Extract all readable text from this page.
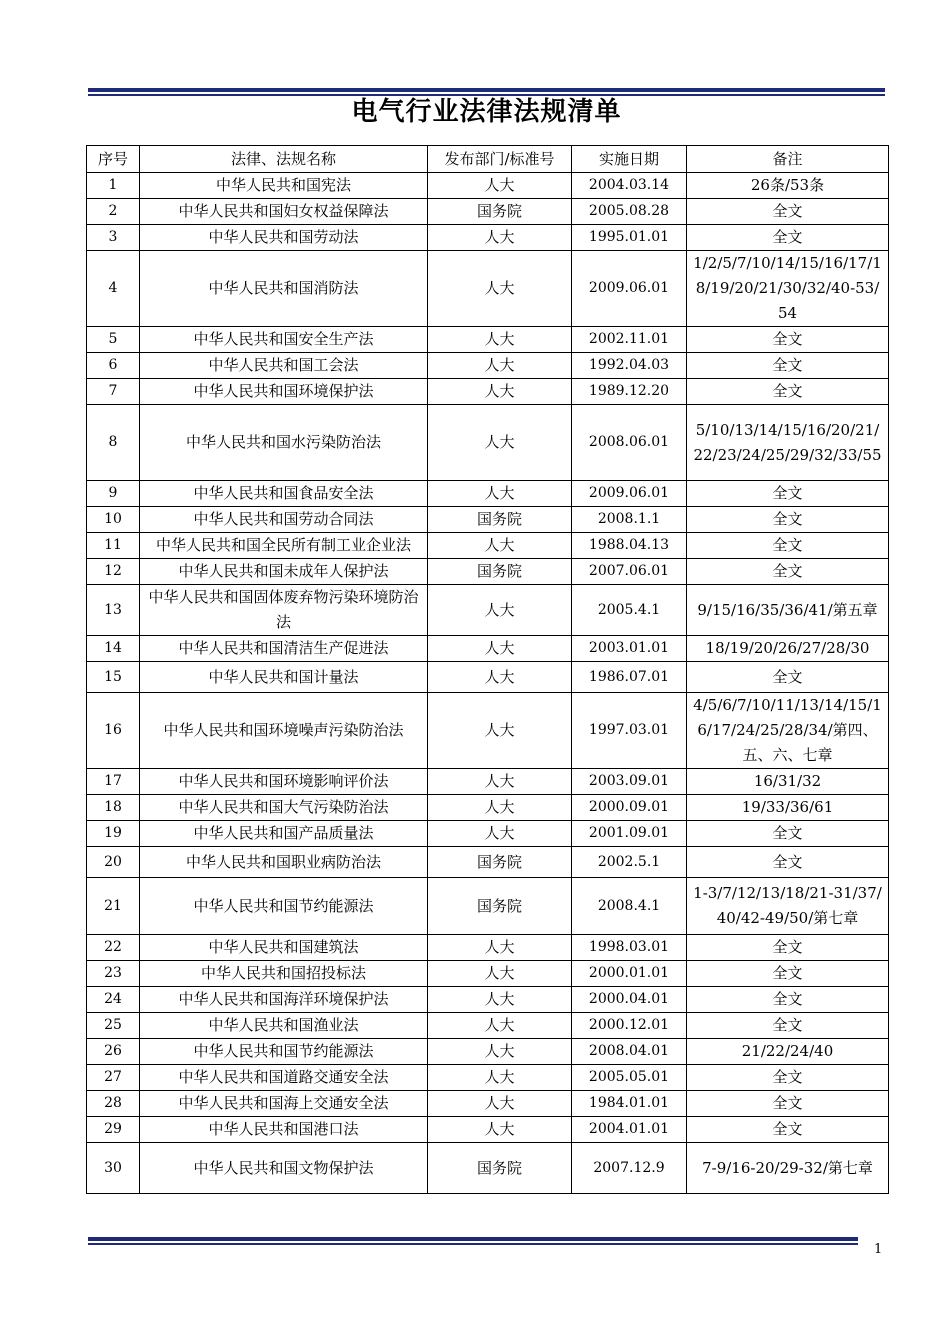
电气行业法律法规清单
序号	法律、法规名称	发布部门/标准号	实施日期	备注
1	中华人民共和国宪法	人大	2004.03.14	26条/53条
2	中华人民共和国妇女权益保障法	国务院	2005.08.28	全文
3	中华人民共和国劳动法	人大	1995.01.01	全文
4	中华人民共和国消防法	人大	2009.06.01	1/2/5/7/10/14/15/16/17/18/19/20/21/30/32/40-53/54
5	中华人民共和国安全生产法	人大	2002.11.01	全文
6	中华人民共和国工会法	人大	1992.04.03	全文
7	中华人民共和国环境保护法	人大	1989.12.20	全文
8	中华人民共和国水污染防治法	人大	2008.06.01	5/10/13/14/15/16/20/21/22/23/24/25/29/32/33/55
9	中华人民共和国食品安全法	人大	2009.06.01	全文
10	中华人民共和国劳动合同法	国务院	2008.1.1	全文
11	中华人民共和国全民所有制工业企业法	人大	1988.04.13	全文
12	中华人民共和国未成年人保护法	国务院	2007.06.01	全文
13	中华人民共和国固体废弃物污染环境防治法	人大	2005.4.1	9/15/16/35/36/41/第五章
14	中华人民共和国清洁生产促进法	人大	2003.01.01	18/19/20/26/27/28/30
15	中华人民共和国计量法	人大	1986.07.01	全文
16	中华人民共和国环境噪声污染防治法	人大	1997.03.01	4/5/6/7/10/11/13/14/15/16/17/24/25/28/34/第四、五、六、七章
17	中华人民共和国环境影响评价法	人大	2003.09.01	16/31/32
18	中华人民共和国大气污染防治法	人大	2000.09.01	19/33/36/61
19	中华人民共和国产品质量法	人大	2001.09.01	全文
20	中华人民共和国职业病防治法	国务院	2002.5.1	全文
21	中华人民共和国节约能源法	国务院	2008.4.1	1-3/7/12/13/18/21-31/37/40/42-49/50/第七章
22	中华人民共和国建筑法	人大	1998.03.01	全文
23	中华人民共和国招投标法	人大	2000.01.01	全文
24	中华人民共和国海洋环境保护法	人大	2000.04.01	全文
25	中华人民共和国渔业法	人大	2000.12.01	全文
26	中华人民共和国节约能源法	人大	2008.04.01	21/22/24/40
27	中华人民共和国道路交通安全法	人大	2005.05.01	全文
28	中华人民共和国海上交通安全法	人大	1984.01.01	全文
29	中华人民共和国港口法	人大	2004.01.01	全文
30	中华人民共和国文物保护法	国务院	2007.12.9	7-9/16-20/29-32/第七章
1
